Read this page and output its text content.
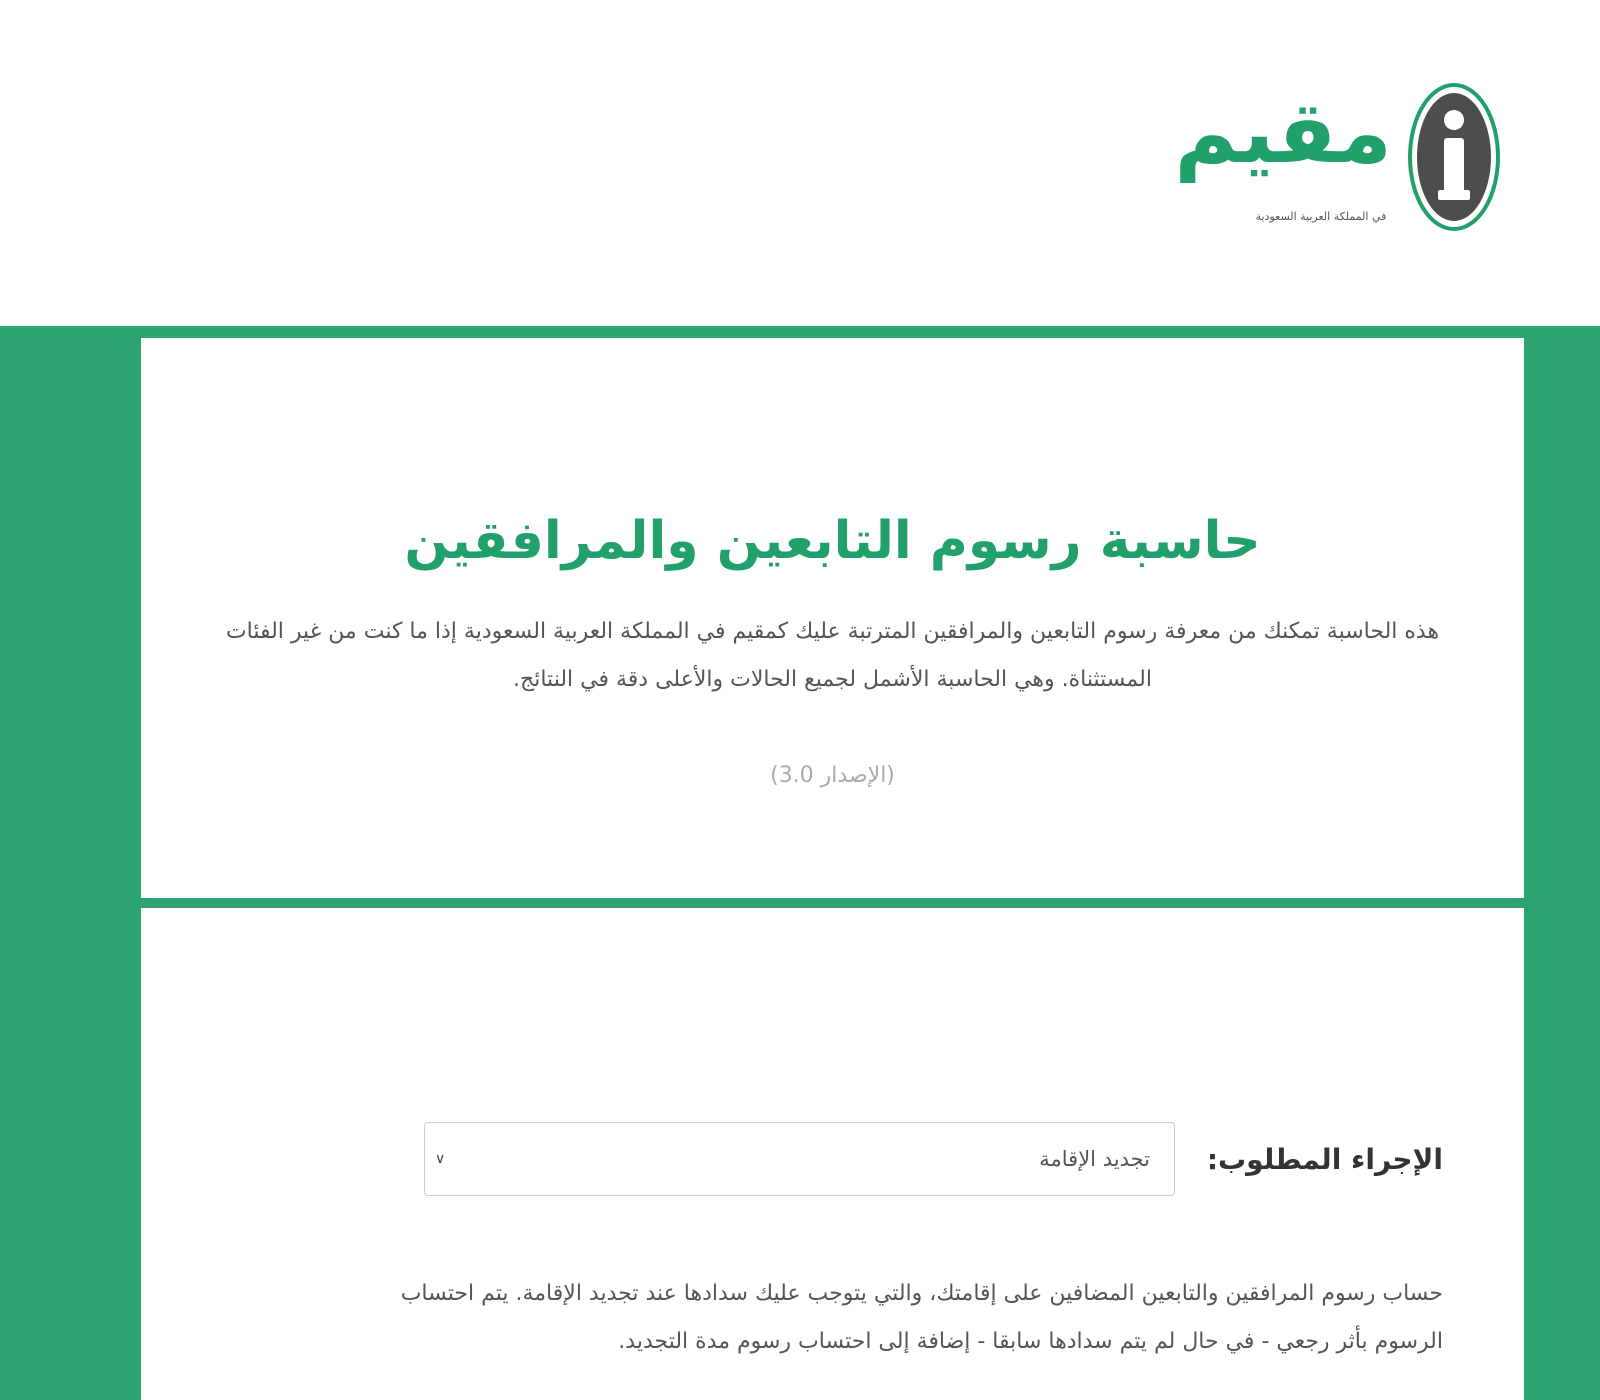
مقيم
في المملكة العربية السعودية
حاسبة رسوم التابعين والمرافقين

هذه الحاسبة تمكنك من معرفة رسوم التابعين والمرافقين المترتبة عليك كمقيم في المملكة العربية السعودية إذا ما كنت من غير الفئات المستثناة. وهي الحاسبة الأشمل لجميع الحالات والأعلى دقة في النتائج.

(الإصدار 3.0)
الإجراء المطلوب:
تجديد الإقامة
∨

حساب رسوم المرافقين والتابعين المضافين على إقامتك، والتي يتوجب عليك سدادها عند تجديد الإقامة. يتم احتساب الرسوم بأثر رجعي - في حال لم يتم سدادها سابقا - إضافة إلى احتساب رسوم مدة التجديد.
